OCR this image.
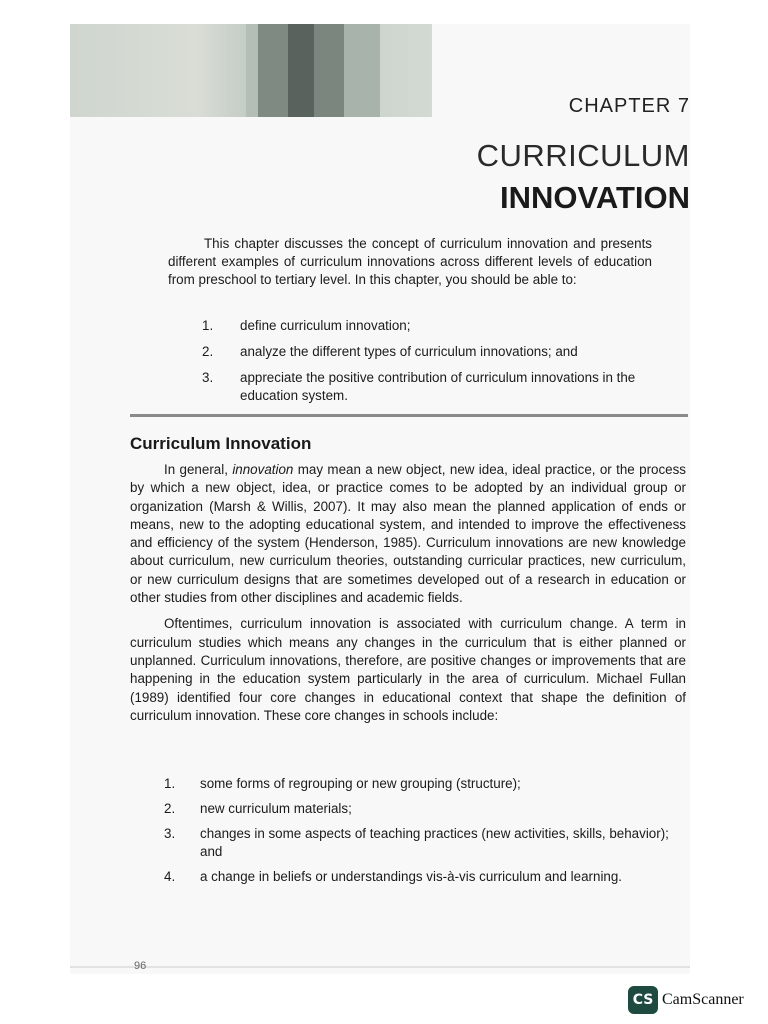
CHAPTER 7
CURRICULUM
INNOVATION

This chapter discusses the concept of curriculum innovation and presents different examples of curriculum innovations across different levels of education from preschool to tertiary level. In this chapter, you should be able to:

1.	define curriculum innovation;
2.	analyze the different types of curriculum innovations; and
3.	appreciate the positive contribution of curriculum innovations in the education system.
Curriculum Innovation

In general, innovation may mean a new object, new idea, ideal practice, or the process by which a new object, idea, or practice comes to be adopted by an individual group or organization (Marsh & Willis, 2007). It may also mean the planned application of ends or means, new to the adopting educational system, and intended to improve the effectiveness and efficiency of the system (Henderson, 1985). Curriculum innovations are new knowledge about curriculum, new curriculum theories, outstanding curricular practices, new curriculum, or new curriculum designs that are sometimes developed out of a research in education or other studies from other disciplines and academic fields.

Oftentimes, curriculum innovation is associated with curriculum change. A term in curriculum studies which means any changes in the curriculum that is either planned or unplanned. Curriculum innovations, therefore, are positive changes or improvements that are happening in the education system particularly in the area of curriculum. Michael Fullan (1989) identified four core changes in educational context that shape the definition of curriculum innovation. These core changes in schools include:

1.	some forms of regrouping or new grouping (structure);
2.	new curriculum materials;
3.	changes in some aspects of teaching practices (new activities, skills, behavior); and
4.	a change in beliefs or understandings vis-à-vis curriculum and learning.
96
CS CamScanner
